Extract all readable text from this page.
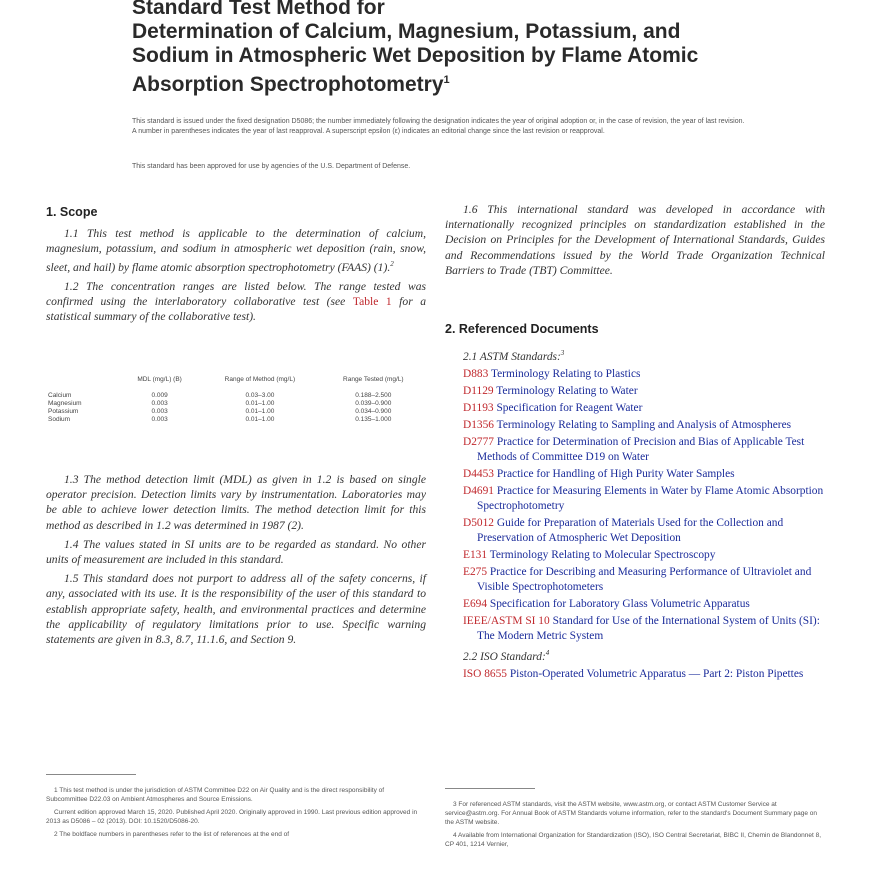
Standard Test Method for

Determination of Calcium, Magnesium, Potassium, and

Sodium in Atmospheric Wet Deposition by Flame Atomic

Absorption Spectrophotometry$^1$

This standard is issued under the fixed designation D5086; the number immediately following the designation indicates the year of original adoption or, in the case of revision, the year of last revision. A number in parentheses indicates the year of last reapproval. A superscript epsilon (ε) indicates an editorial change since the last revision or reapproval.
This standard has been approved for use by agencies of the U.S. Department of Defense.
1. Scope

1.1 This test method is applicable to the determination of calcium, magnesium, potassium, and sodium in atmospheric wet deposition (rain, snow, sleet, and hail) by flame atomic absorption spectrophotometry (FAAS) (1).$^2$

1.2 The concentration ranges are listed below. The range tested was confirmed using the interlaboratory collaborative test (see Table 1 for a statistical summary of the collaborative test).

	MDL (mg/L) (B)	Range of Method (mg/L)	Range Tested (mg/L)

Calcium	0.009	0.03–3.00	0.188–2.500
Magnesium	0.003	0.01–1.00	0.039–0.900
Potassium	0.003	0.01–1.00	0.034–0.900
Sodium	0.003	0.01–1.00	0.135–1.000

1.3 The method detection limit (MDL) as given in 1.2 is based on single operator precision. Detection limits vary by instrumentation. Laboratories may be able to achieve lower detection limits. The method detection limit for this method as described in 1.2 was determined in 1987 (2).

1.4 The values stated in SI units are to be regarded as standard. No other units of measurement are included in this standard.

1.5 This standard does not purport to address all of the safety concerns, if any, associated with its use. It is the responsibility of the user of this standard to establish appropriate safety, health, and environmental practices and determine the applicability of regulatory limitations prior to use. Specific warning statements are given in 8.3, 8.7, 11.1.6, and Section 9.

1.6 This international standard was developed in accordance with internationally recognized principles on standardization established in the Decision on Principles for the Development of International Standards, Guides and Recommendations issued by the World Trade Organization Technical Barriers to Trade (TBT) Committee.

2. Referenced Documents
2.1 ASTM Standards:$^3$
D883 Terminology Relating to Plastics
D1129 Terminology Relating to Water
D1193 Specification for Reagent Water
D1356 Terminology Relating to Sampling and Analysis of Atmospheres
D2777 Practice for Determination of Precision and Bias of Applicable Test Methods of Committee D19 on Water
D4453 Practice for Handling of High Purity Water Samples
D4691 Practice for Measuring Elements in Water by Flame Atomic Absorption Spectrophotometry
D5012 Guide for Preparation of Materials Used for the Collection and Preservation of Atmospheric Wet Deposition
E131 Terminology Relating to Molecular Spectroscopy
E275 Practice for Describing and Measuring Performance of Ultraviolet and Visible Spectrophotometers
E694 Specification for Laboratory Glass Volumetric Apparatus
IEEE/ASTM SI 10 Standard for Use of the International System of Units (SI): The Modern Metric System
2.2 ISO Standard:$^4$
ISO 8655 Piston-Operated Volumetric Apparatus — Part 2: Piston Pipettes

1 This test method is under the jurisdiction of ASTM Committee D22 on Air Quality and is the direct responsibility of Subcommittee D22.03 on Ambient Atmospheres and Source Emissions.

Current edition approved March 15, 2020. Published April 2020. Originally approved in 1990. Last previous edition approved in 2013 as D5086 – 02 (2013). DOI: 10.1520/D5086-20.

2 The boldface numbers in parentheses refer to the list of references at the end of

3 For referenced ASTM standards, visit the ASTM website, www.astm.org, or contact ASTM Customer Service at service@astm.org. For Annual Book of ASTM Standards volume information, refer to the standard's Document Summary page on the ASTM website.

4 Available from International Organization for Standardization (ISO), ISO Central Secretariat, BIBC II, Chemin de Blandonnet 8, CP 401, 1214 Vernier,
